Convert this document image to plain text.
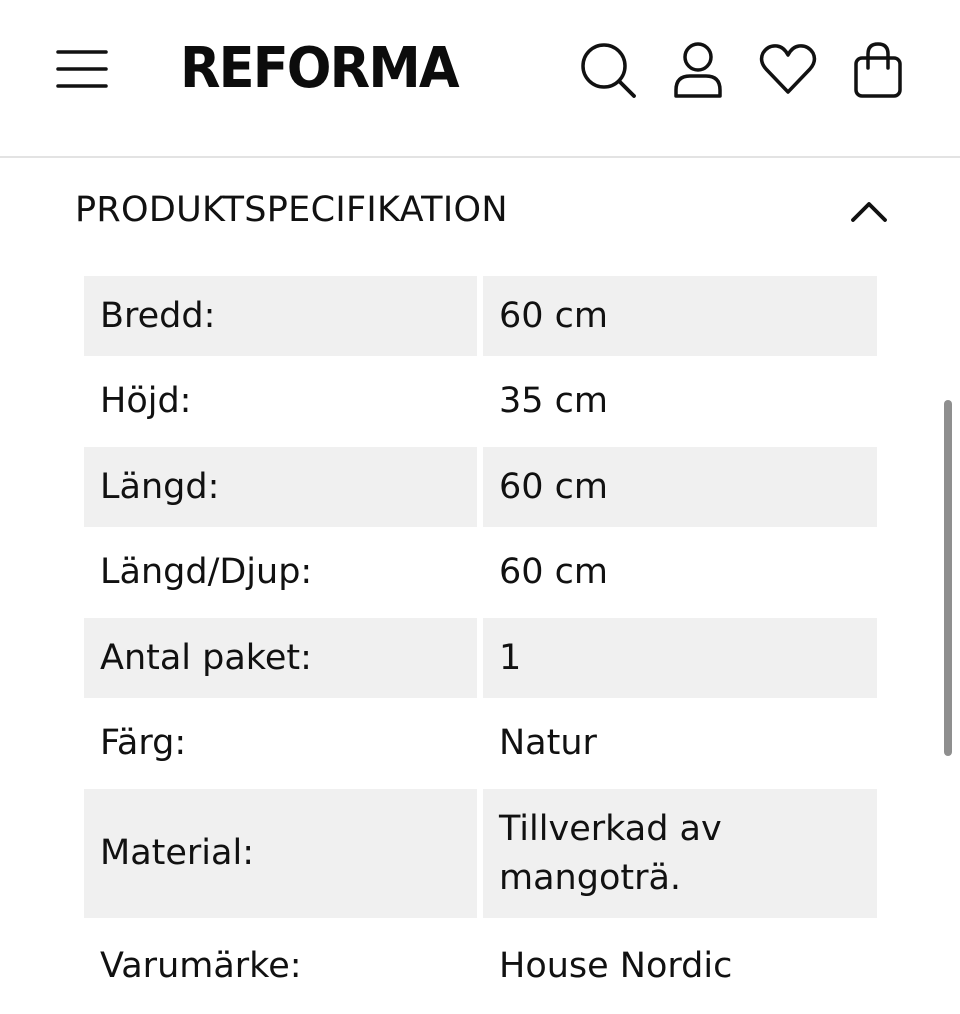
REFORMA
PRODUKTSPECIFIKATION
Bredd:	60 cm
Höjd:	35 cm
Längd:	60 cm
Längd/Djup:	60 cm
Antal paket:	1
Färg:	Natur
Material:
Tillverkad av mangoträ.
Varumärke:	House Nordic
